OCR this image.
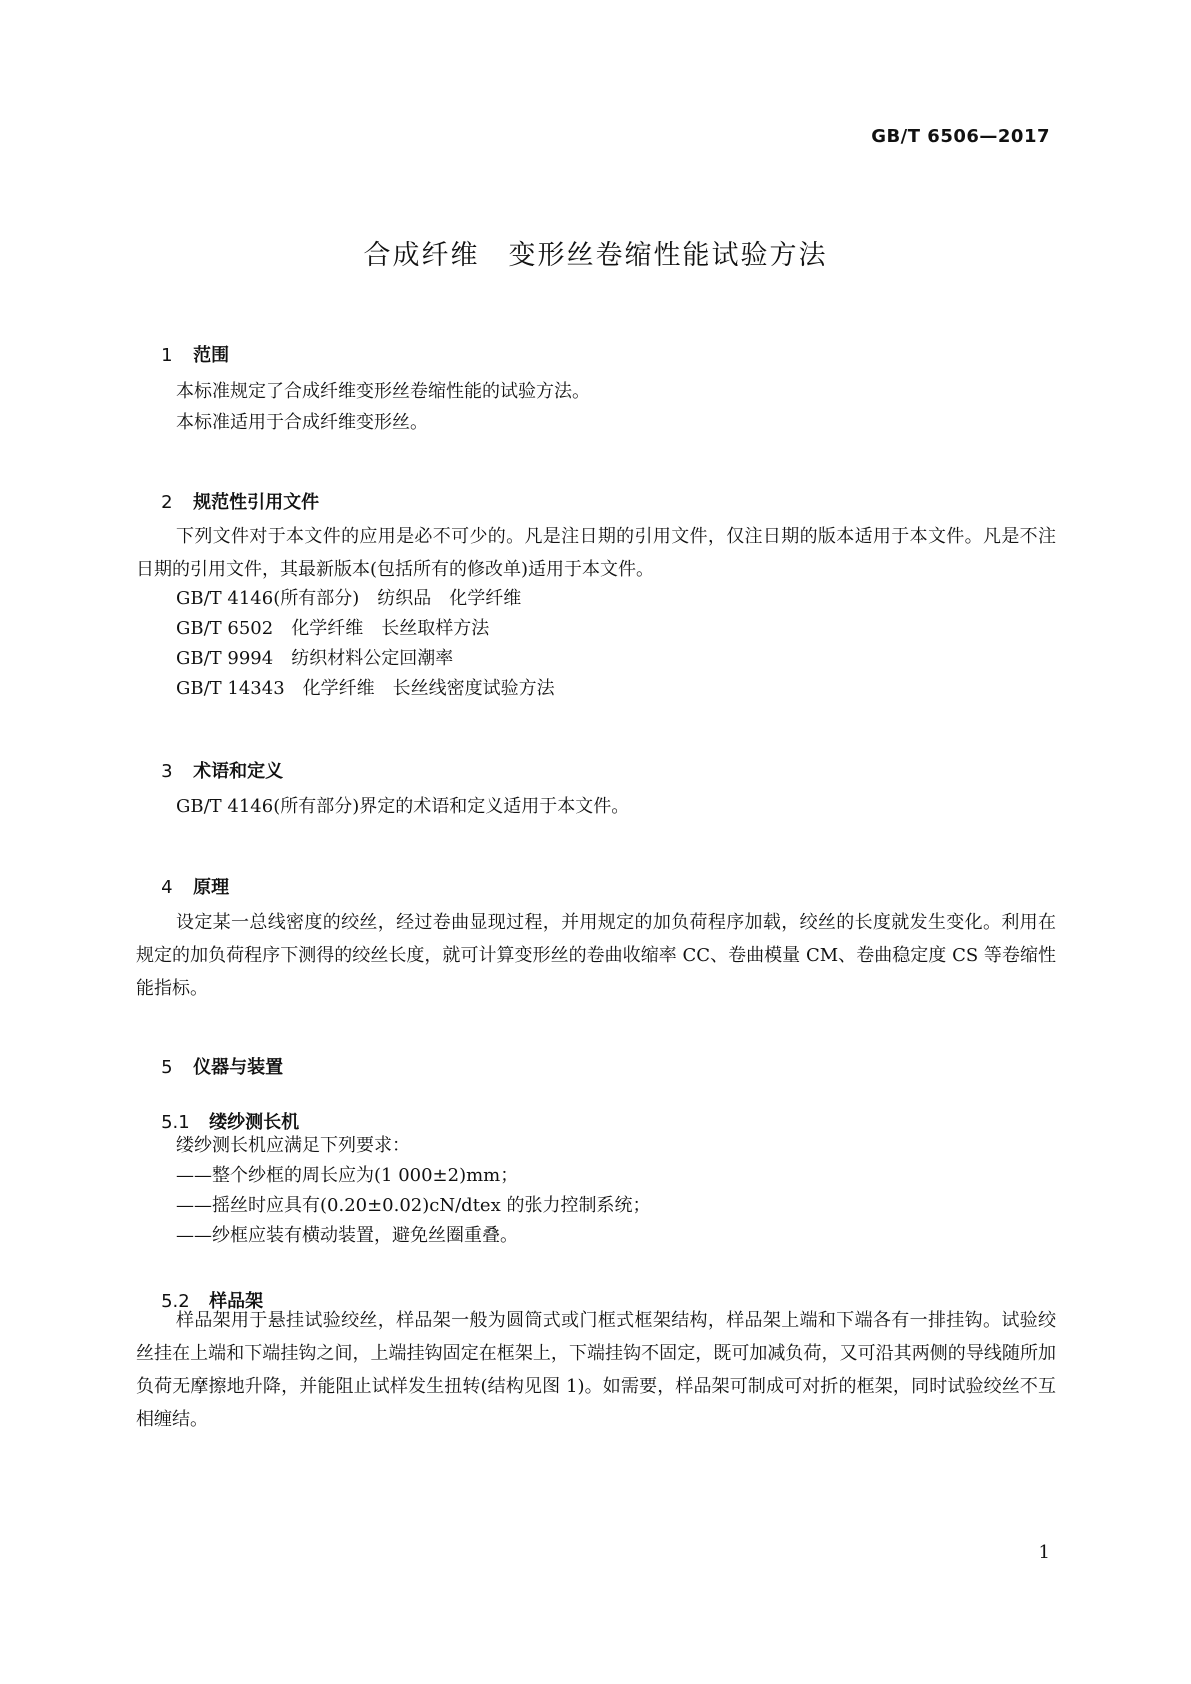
GB/T 6506—2017
合成纤维　变形丝卷缩性能试验方法

1 范围

本标准规定了合成纤维变形丝卷缩性能的试验方法。
本标准适用于合成纤维变形丝。

2 规范性引用文件

下列文件对于本文件的应用是必不可少的。凡是注日期的引用文件，仅注日期的版本适用于本文件。凡是不注日期的引用文件，其最新版本(包括所有的修改单)适用于本文件。
GB/T 4146(所有部分)　纺织品　化学纤维
GB/T 6502　化学纤维　长丝取样方法
GB/T 9994　纺织材料公定回潮率
GB/T 14343　化学纤维　长丝线密度试验方法

3 术语和定义

GB/T 4146(所有部分)界定的术语和定义适用于本文件。

4 原理

设定某一总线密度的绞丝，经过卷曲显现过程，并用规定的加负荷程序加载，绞丝的长度就发生变化。利用在规定的加负荷程序下测得的绞丝长度，就可计算变形丝的卷曲收缩率 CC、卷曲模量 CM、卷曲稳定度 CS 等卷缩性能指标。

5 仪器与装置

5.1 缕纱测长机

缕纱测长机应满足下列要求：
——整个纱框的周长应为(1 000±2)mm；
——摇丝时应具有(0.20±0.02)cN/dtex 的张力控制系统；
——纱框应装有横动装置，避免丝圈重叠。

5.2 样品架

样品架用于悬挂试验绞丝，样品架一般为圆筒式或门框式框架结构，样品架上端和下端各有一排挂钩。试验绞丝挂在上端和下端挂钩之间，上端挂钩固定在框架上，下端挂钩不固定，既可加减负荷，又可沿其两侧的导线随所加负荷无摩擦地升降，并能阻止试样发生扭转(结构见图 1)。如需要，样品架可制成可对折的框架，同时试验绞丝不互相缠结。
1
